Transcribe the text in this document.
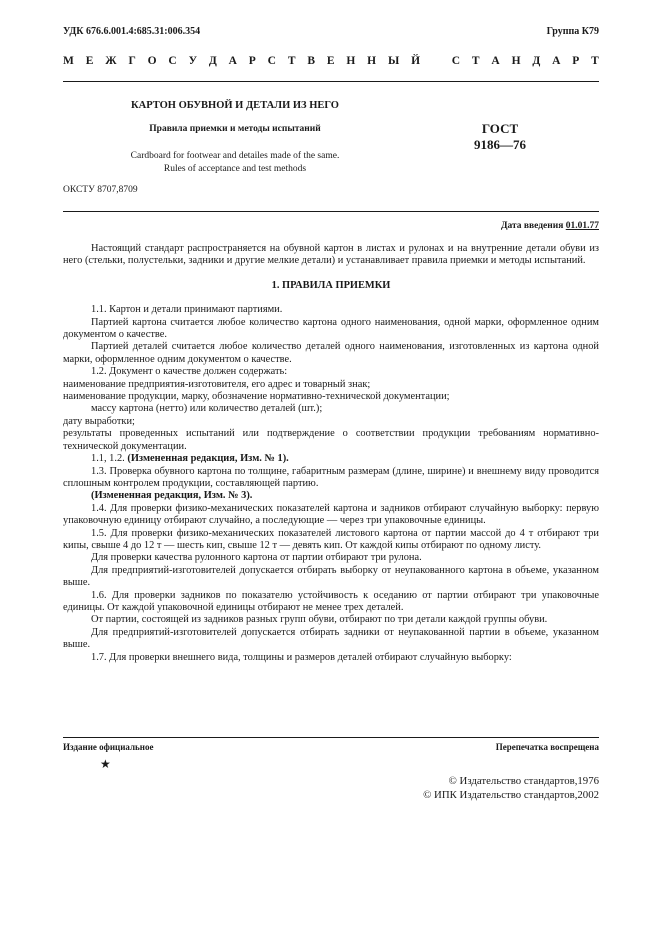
УДК 676.6.001.4:685.31:006.354	Группа К79
М Е Ж Г О С У Д А Р С Т В Е Н Н Ы Й	С Т А Н Д А Р Т
КАРТОН ОБУВНОЙ И ДЕТАЛИ ИЗ НЕГО
Правила приемки и методы испытаний
Cardboard for footwear and detailes made of the same.
Rules of acceptance and test methods
ГОСТ
9186—76
ОКСТУ 8707,8709
Дата введения 01.01.77

Настоящий стандарт распространяется на обувной картон в листах и рулонах и на внутренние детали обуви из него (стельки, полустельки, задники и другие мелкие детали) и устанавливает правила приемки и методы испытаний.

1. ПРАВИЛА ПРИЕМКИ

1.1. Картон и детали принимают партиями.

Партией картона считается любое количество картона одного наименования, одной марки, оформленное одним документом о качестве.

Партией деталей считается любое количество деталей одного наименования, изготовленных из картона одной марки, оформленное одним документом о качестве.

1.2. Документ о качестве должен содержать:

наименование предприятия-изготовителя, его адрес и товарный знак;

наименование продукции, марку, обозначение нормативно-технической документации;

массу картона (нетто) или количество деталей (шт.);

дату выработки;

результаты проведенных испытаний или подтверждение о соответствии продукции требованиям нормативно-технической документации.

1.1, 1.2. (Измененная редакция, Изм. № 1).

1.3. Проверка обувного картона по толщине, габаритным размерам (длине, ширине) и внешнему виду проводится сплошным контролем продукции, составляющей партию.

(Измененная редакция, Изм. № 3).

1.4. Для проверки физико-механических показателей картона и задников отбирают случайную выборку: первую упаковочную единицу отбирают случайно, а последующие — через три упаковочные единицы.

1.5. Для проверки физико-механических показателей листового картона от партии массой до 4 т отбирают три кипы, свыше 4 до 12 т — шесть кип, свыше 12 т — девять кип. От каждой кипы отбирают по одному листу.

Для проверки качества рулонного картона от партии отбирают три рулона.

Для предприятий-изготовителей допускается отбирать выборку от неупакованного картона в объеме, указанном выше.

1.6. Для проверки задников по показателю устойчивость к оседанию от партии отбирают три упаковочные единицы. От каждой упаковочной единицы отбирают не менее трех деталей.

От партии, состоящей из задников разных групп обуви, отбирают по три детали каждой группы обуви.

Для предприятий-изготовителей допускается отбирать задники от неупакованной партии в объеме, указанном выше.

1.7. Для проверки внешнего вида, толщины и размеров деталей отбирают случайную выборку:

Издание официальное	Перепечатка воспрещена
★
© Издательство стандартов,1976
© ИПК Издательство стандартов,2002
